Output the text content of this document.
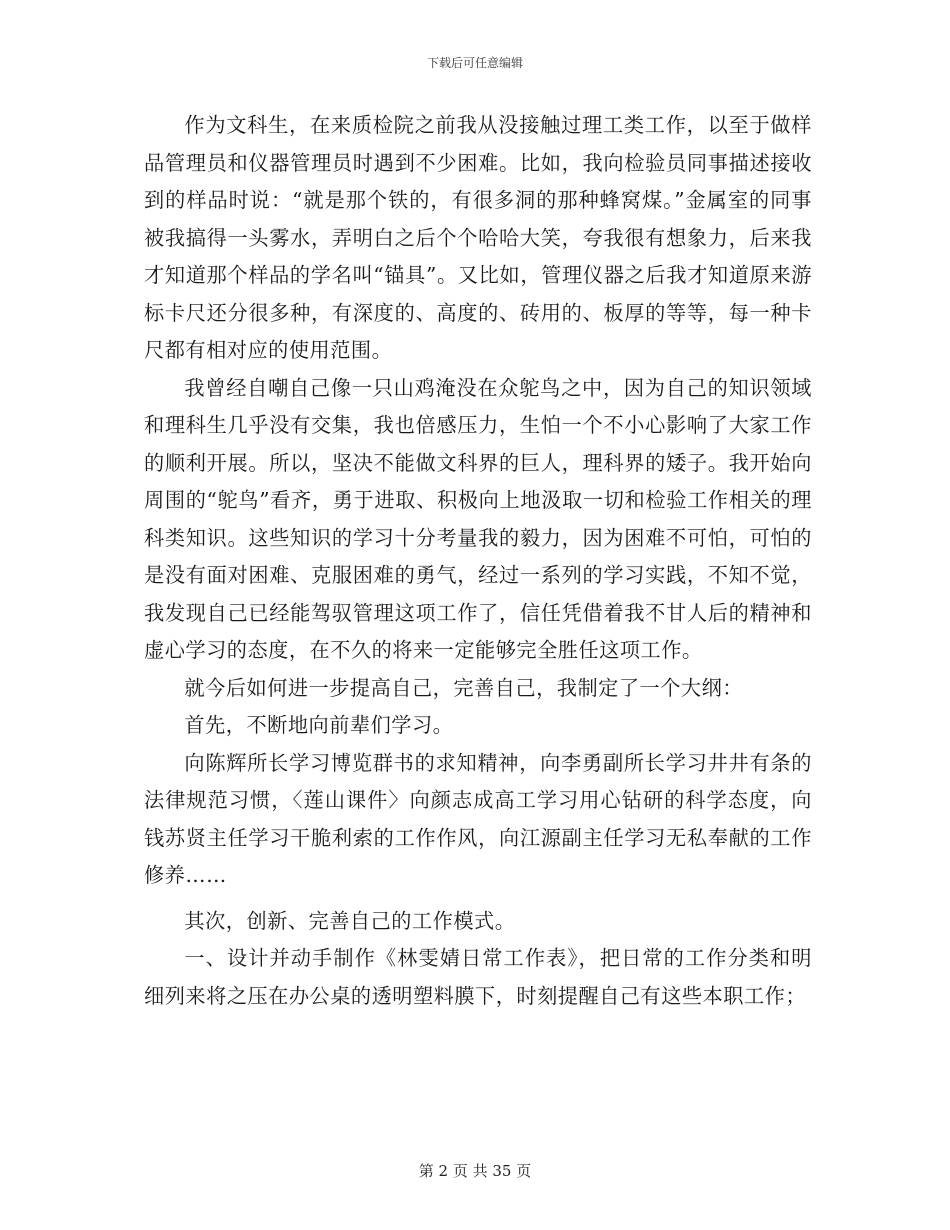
下载后可任意编辑

作为文科生，在来质检院之前我从没接触过理工类工作，以至于做样品管理员和仪器管理员时遇到不少困难。比如，我向检验员同事描述接收到的样品时说：“就是那个铁的，有很多洞的那种蜂窝煤。”金属室的同事被我搞得一头雾水，弄明白之后个个哈哈大笑，夸我很有想象力，后来我才知道那个样品的学名叫“锚具”。又比如，管理仪器之后我才知道原来游标卡尺还分很多种，有深度的、高度的、砖用的、板厚的等等，每一种卡尺都有相对应的使用范围。

我曾经自嘲自己像一只山鸡淹没在众鸵鸟之中，因为自己的知识领域和理科生几乎没有交集，我也倍感压力，生怕一个不小心影响了大家工作的顺利开展。所以，坚决不能做文科界的巨人，理科界的矮子。我开始向周围的“鸵鸟”看齐，勇于进取、积极向上地汲取一切和检验工作相关的理科类知识。这些知识的学习十分考量我的毅力，因为困难不可怕，可怕的是没有面对困难、克服困难的勇气，经过一系列的学习实践，不知不觉，我发现自己已经能驾驭管理这项工作了，信任凭借着我不甘人后的精神和虚心学习的态度，在不久的将来一定能够完全胜任这项工作。

就今后如何进一步提高自己，完善自己，我制定了一个大纲：

首先，不断地向前辈们学习。

向陈辉所长学习博览群书的求知精神，向李勇副所长学习井井有条的法律规范习惯，〈莲山课件〉向颜志成高工学习用心钻研的科学态度，向钱苏贤主任学习干脆利索的工作作风，向江源副主任学习无私奉献的工作修养……

其次，创新、完善自己的工作模式。

一、设计并动手制作《林雯婧日常工作表》，把日常的工作分类和明细列来将之压在办公桌的透明塑料膜下，时刻提醒自己有这些本职工作；

第 2 页 共 35 页
